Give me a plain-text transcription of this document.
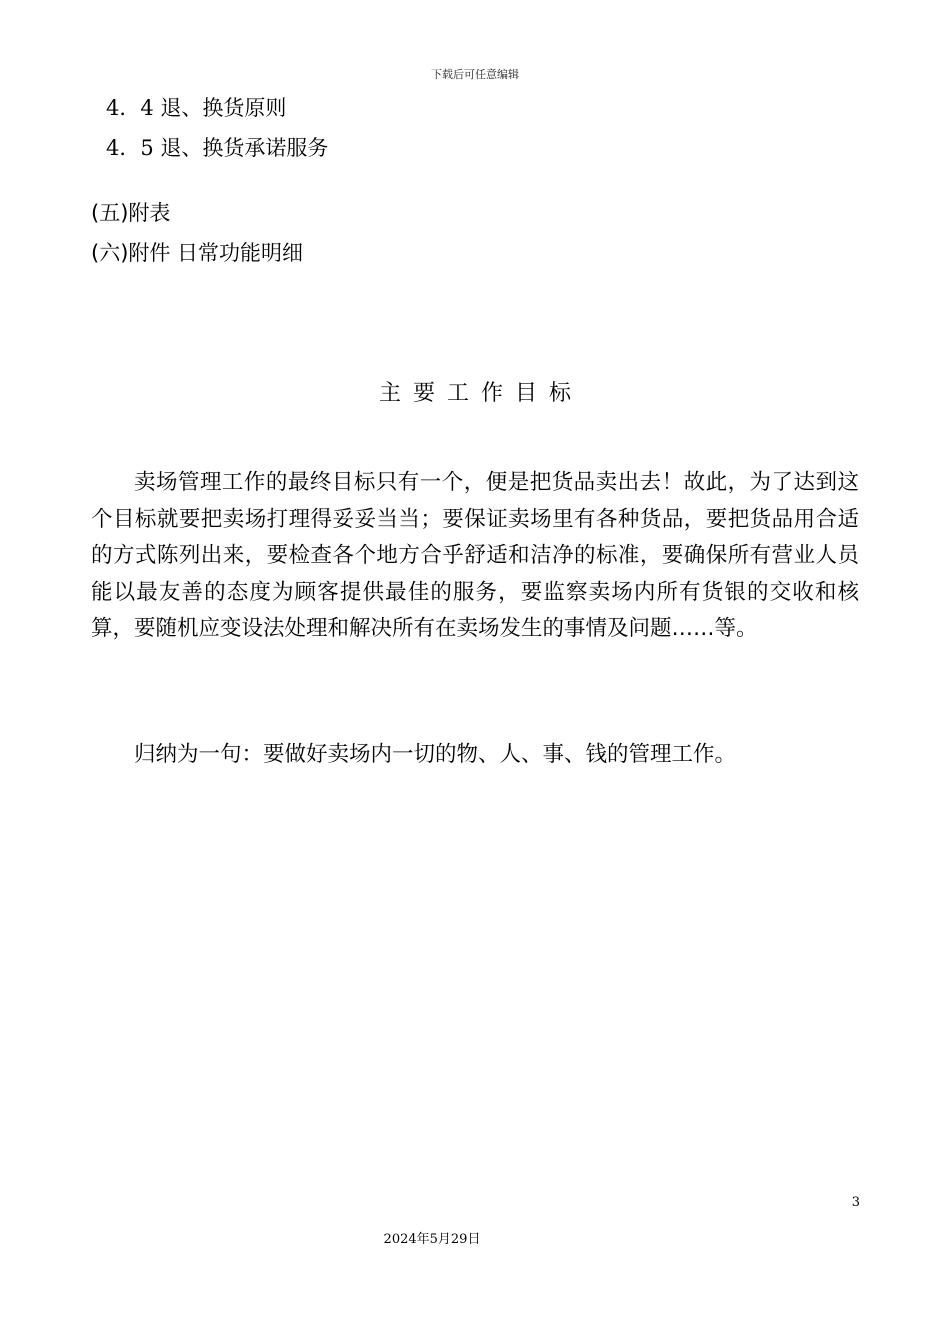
下载后可任意编辑
4．4 退、换货原则
4．5 退、换货承诺服务
(五)附表
(六)附件 日常功能明细
主要工作目标

卖场管理工作的最终目标只有一个，便是把货品卖出去！故此，为了达到这个目标就要把卖场打理得妥妥当当；要保证卖场里有各种货品，要把货品用合适的方式陈列出来，要检查各个地方合乎舒适和洁净的标准，要确保所有营业人员能以最友善的态度为顾客提供最佳的服务，要监察卖场内所有货银的交收和核算，要随机应变设法处理和解决所有在卖场发生的事情及问题……等。

归纳为一句：要做好卖场内一切的物、人、事、钱的管理工作。

3
2024年5月29日
